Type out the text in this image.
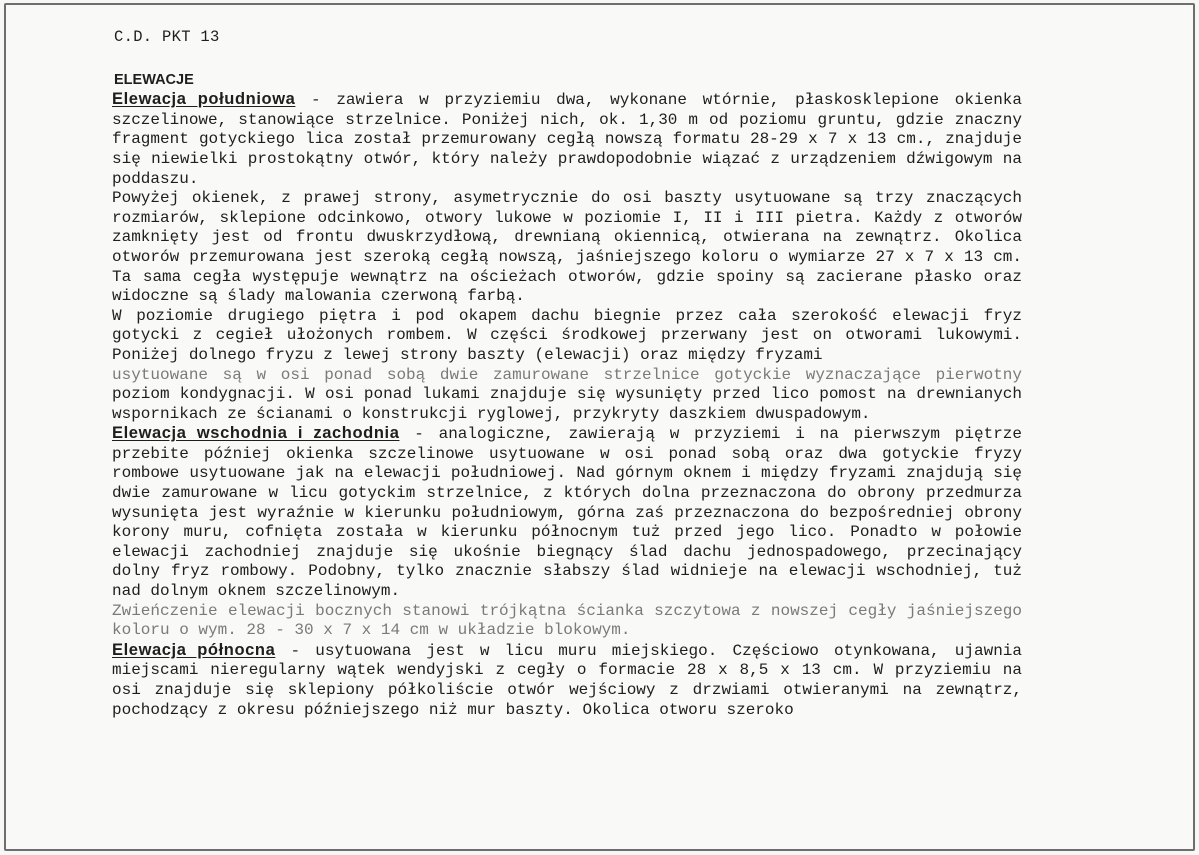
C.D. PKT 13
ELEWACJE

Elewacja południowa - zawiera w przyziemiu dwa, wykonane wtórnie, płaskosklepione okienka szczelinowe, stanowiące strzelnice. Poniżej nich, ok. 1,30 m od poziomu gruntu, gdzie znaczny fragment gotyckiego lica został przemurowany cegłą nowszą formatu 28-29 x 7 x 13 cm., znajduje się niewielki prostokątny otwór, który należy prawdopodobnie wiązać z urządzeniem dźwigowym na poddaszu.

Powyżej okienek, z prawej strony, asymetrycznie do osi baszty usytuowane są trzy znaczących rozmiarów, sklepione odcinkowo, otwory lukowe w poziomie I, II i III pietra. Każdy z otworów zamknięty jest od frontu dwuskrzydłową, drewnianą okiennicą, otwierana na zewnątrz. Okolica otworów przemurowana jest szeroką cegłą nowszą, jaśniejszego koloru o wymiarze 27 x 7 x 13 cm. Ta sama cegła występuje wewnątrz na ościeżach otworów, gdzie spoiny są zacierane płasko oraz widoczne są ślady malowania czerwoną farbą.

W poziomie drugiego piętra i pod okapem dachu biegnie przez cała szerokość elewacji fryz gotycki z cegieł ułożonych rombem. W części środkowej przerwany jest on otworami lukowymi. Poniżej dolnego fryzu z lewej strony baszty (elewacji) oraz między fryzami

usytuowane są w osi ponad sobą dwie zamurowane strzelnice gotyckie wyznaczające pierwotny

poziom kondygnacji. W osi ponad lukami znajduje się wysunięty przed lico pomost na drewnianych wspornikach ze ścianami o konstrukcji ryglowej, przykryty daszkiem dwuspadowym.

Elewacja wschodnia i zachodnia - analogiczne, zawierają w przyziemi i na pierwszym piętrze przebite później okienka szczelinowe usytuowane w osi ponad sobą oraz dwa gotyckie fryzy rombowe usytuowane jak na elewacji południowej. Nad górnym oknem i między fryzami znajdują się dwie zamurowane w licu gotyckim strzelnice, z których dolna przeznaczona do obrony przedmurza wysunięta jest wyraźnie w kierunku południowym, górna zaś przeznaczona do bezpośredniej obrony korony muru, cofnięta została w kierunku północnym tuż przed jego lico. Ponadto w połowie elewacji zachodniej znajduje się ukośnie biegnący ślad dachu jednospadowego, przecinający dolny fryz rombowy. Podobny, tylko znacznie słabszy ślad widnieje na elewacji wschodniej, tuż nad dolnym oknem szczelinowym.

Zwieńczenie elewacji bocznych stanowi trójkątna ścianka szczytowa z nowszej cegły jaśniejszego koloru o wym. 28 - 30 x 7 x 14 cm w układzie blokowym.

Elewacja północna - usytuowana jest w licu muru miejskiego. Częściowo otynkowana, ujawnia miejscami nieregularny wątek wendyjski z cegły o formacie 28 x 8,5 x 13 cm. W przyziemiu na osi znajduje się sklepiony półkoliście otwór wejściowy z drzwiami otwieranymi na zewnątrz, pochodzący z okresu późniejszego niż mur baszty. Okolica otworu szeroko
